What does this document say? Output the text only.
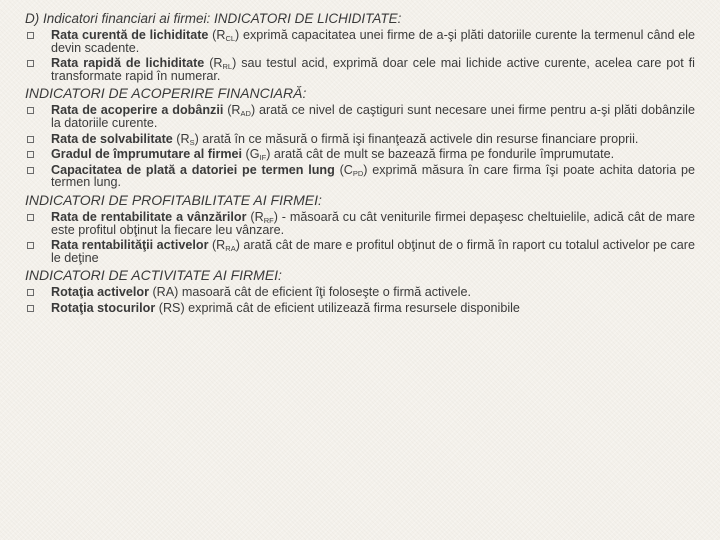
D) Indicatori financiari ai firmei: INDICATORI DE LICHIDITATE:
Rata curentă de lichiditate $(R_{CL})$ exprimă capacitatea unei firme de a-şi plăti datoriile curente la termenul când ele devin scadente.
Rata rapidă de lichiditate $(R_{RL})$ sau testul acid, exprimă doar cele mai lichide active curente, acelea care pot fi transformate rapid în numerar.
INDICATORI DE ACOPERIRE FINANCIARĂ:
Rata de acoperire a dobânzii $(R_{AD})$ arată ce nivel de caştiguri sunt necesare unei firme pentru a-şi plăti dobânzile la datoriile curente.
Rata de solvabilitate $(R_S)$ arată în ce măsură o firmă işi finanţează activele din resurse financiare proprii.
Gradul de împrumutare al firmei $(G_{IF})$ arată cât de mult se bazează firma pe fondurile împrumutate.
Capacitatea de plată a datoriei pe termen lung $(C_{PD})$ exprimă măsura în care firma îşi poate achita datoria pe termen lung.
INDICATORI DE PROFITABILITATE AI FIRMEI:
Rata de rentabilitate a vânzărilor $(R_{RF})$ - măsoară cu cât veniturile firmei depaşesc cheltuielile, adică cât de mare este profitul obţinut la fiecare leu vânzare.
Rata rentabilităţii activelor $(R_{RA})$ arată cât de mare e profitul obţinut de o firmă în raport cu totalul activelor pe care le deţine
INDICATORI DE ACTIVITATE AI FIRMEI:
Rotaţia activelor (RA) masoară cât de eficient îţi foloseşte o firmă activele.
Rotaţia stocurilor (RS) exprimă cât de eficient utilizează firma resursele disponibile
